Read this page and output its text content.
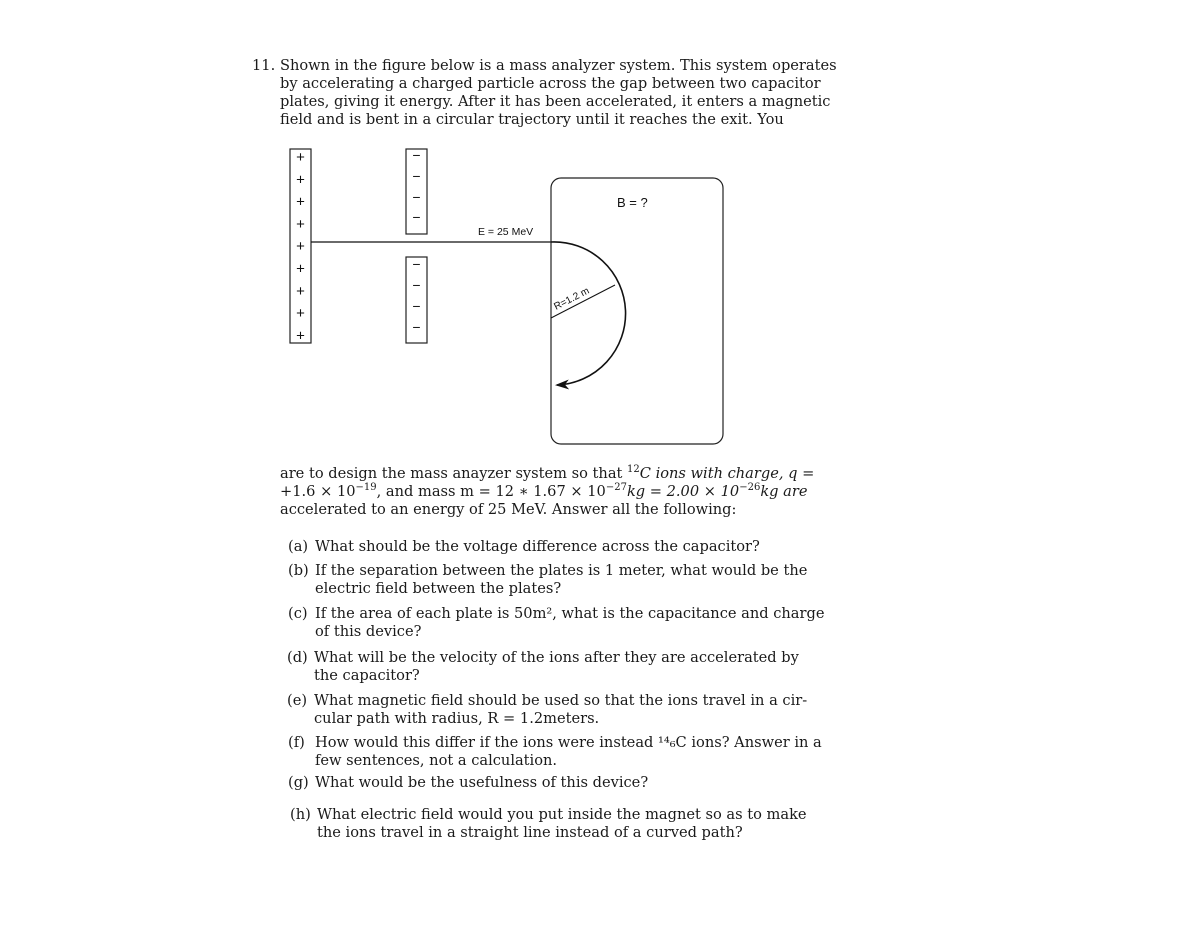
11. Shown in the figure below is a mass analyzer system. This system operates
by accelerating a charged particle across the gap between two capacitor
plates, giving it energy. After it has been accelerated, it enters a magnetic
field and is bent in a circular trajectory until it reaches the exit. You
+
+
+
+
+
+
+
+
+
−
−
−
−
−
−
−
−
E = 25 MeV
B = ?
R=1.2 m
are to design the mass anayzer system so that $^{12}$C ions with charge, q =
$+1.6 \times 10^{-19}$, and mass m = 12 ∗ $1.67 \times 10^{-27}kg = 2.00 \times 10^{-26}kg$ are
accelerated to an energy of 25 MeV. Answer all the following:
(a) What should be the voltage difference across the capacitor?
(b) If the separation between the plates is 1 meter, what would be the
electric field between the plates?
(c) If the area of each plate is 50m², what is the capacitance and charge
of this device?
(d) What will be the velocity of the ions after they are accelerated by
the capacitor?
(e) What magnetic field should be used so that the ions travel in a cir-
cular path with radius, R = 1.2meters.
(f) How would this differ if the ions were instead ¹⁴₆C ions? Answer in a
few sentences, not a calculation.
(g) What would be the usefulness of this device?
(h) What electric field would you put inside the magnet so as to make
the ions travel in a straight line instead of a curved path?
